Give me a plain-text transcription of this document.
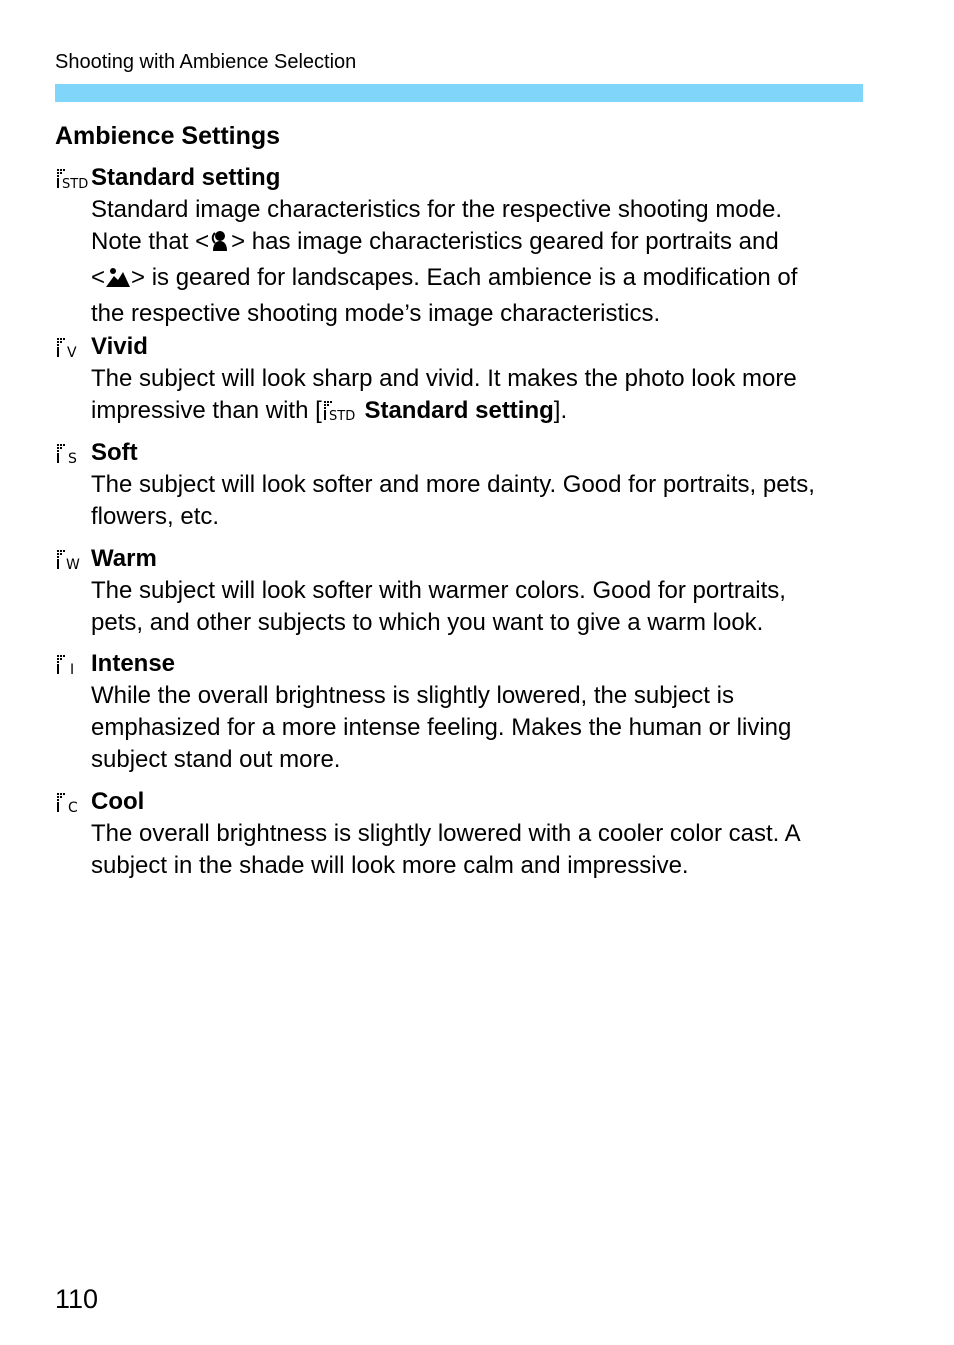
Shooting with Ambience Selection
Ambience Settings
STD Standard setting

Standard image characteristics for the respective shooting mode.

Note that < > has image characteristics geared for portraits and

< > is geared for landscapes. Each ambience is a modification of

the respective shooting mode’s image characteristics.

V Vivid

The subject will look sharp and vivid. It makes the photo look more

impressive than with [ STD Standard setting].

S Soft

The subject will look softer and more dainty. Good for portraits, pets,

flowers, etc.

W Warm

The subject will look softer with warmer colors. Good for portraits,

pets, and other subjects to which you want to give a warm look.

I Intense

While the overall brightness is slightly lowered, the subject is

emphasized for a more intense feeling. Makes the human or living

subject stand out more.

C Cool

The overall brightness is slightly lowered with a cooler color cast. A

subject in the shade will look more calm and impressive.

110
